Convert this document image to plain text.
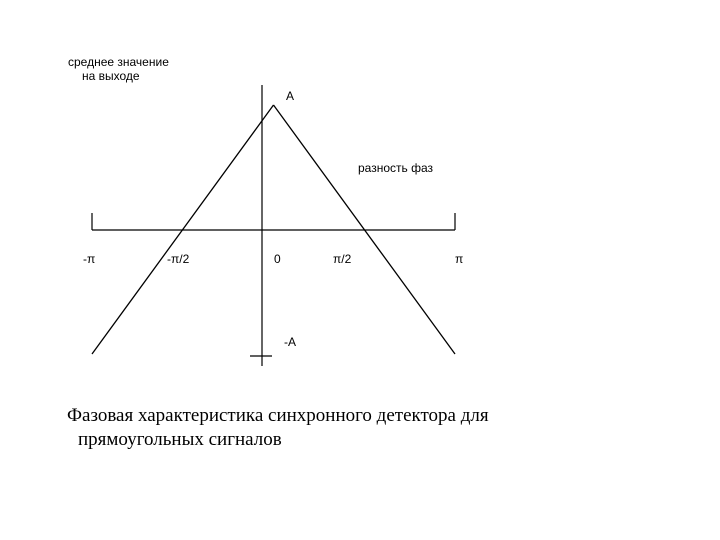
среднее значение
на выходе
A
разность фаз
-π	-π/2	0	π/2	π
-A
Фазовая характеристика синхронного детектора для
прямоугольных сигналов
